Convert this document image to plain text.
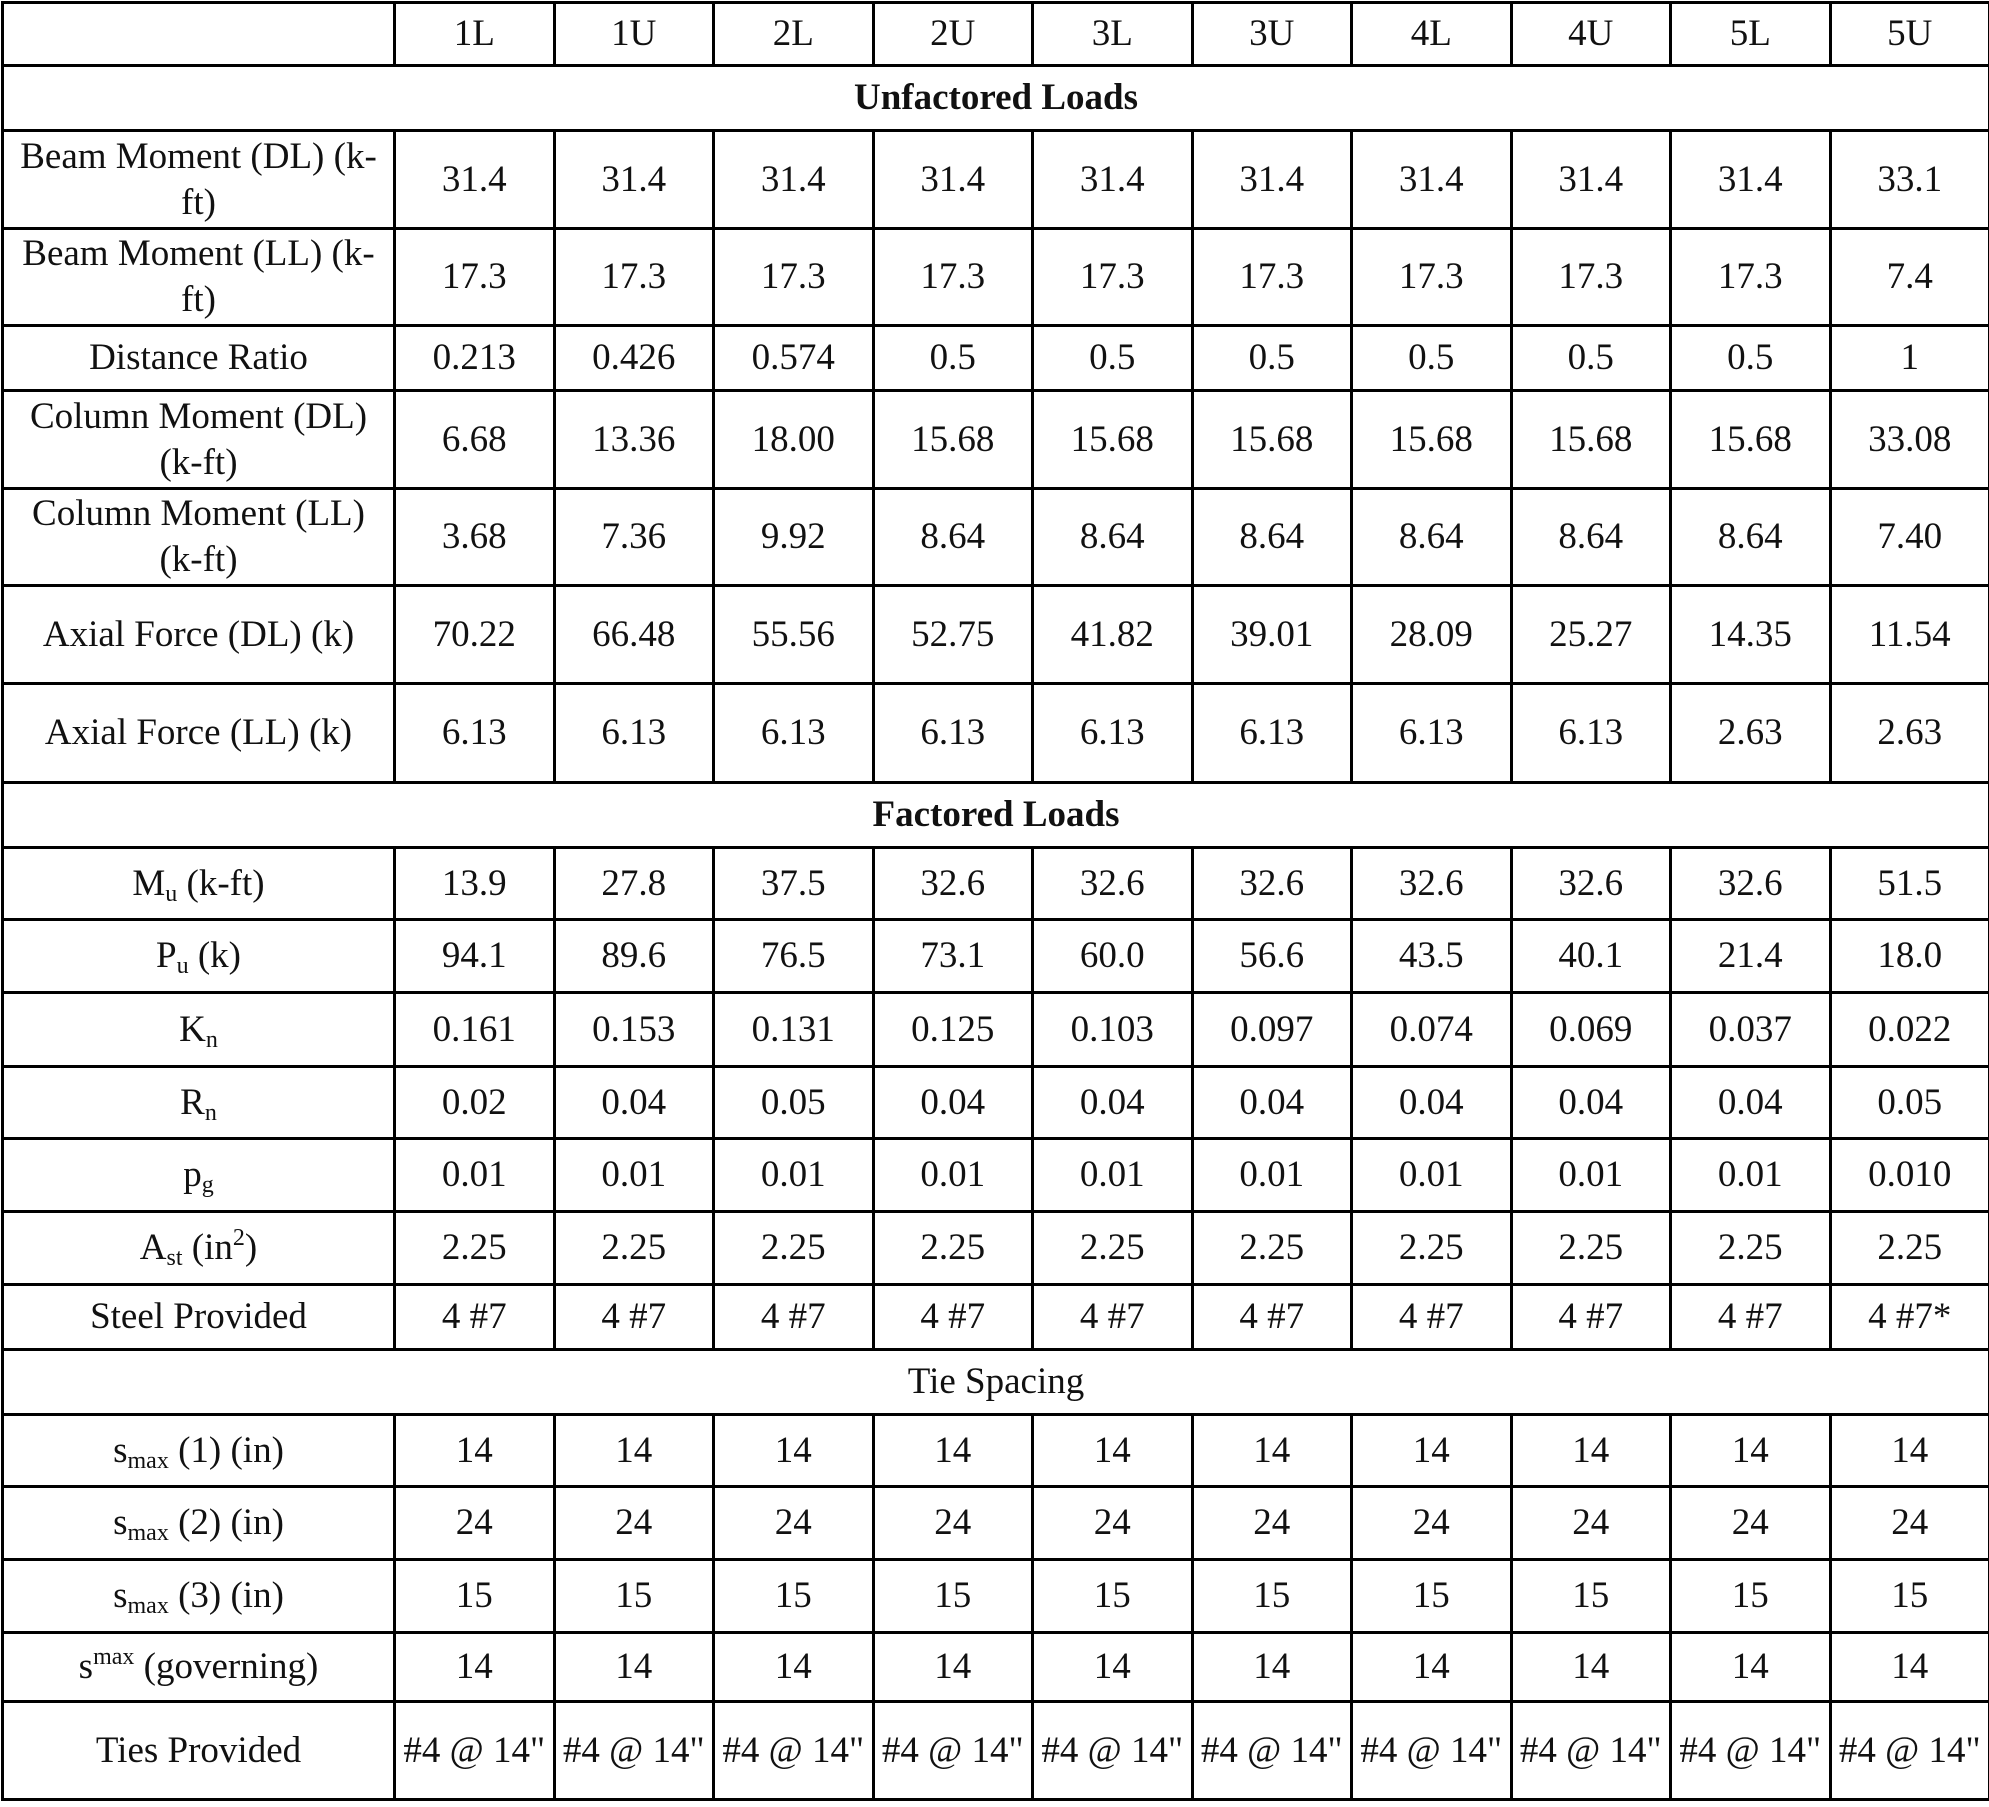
	1L	1U	2L	2U	3L	3U	4L	4U	5L	5U
Unfactored Loads										
Beam Moment (DL) (k-ft)	31.4	31.4	31.4	31.4	31.4	31.4	31.4	31.4	31.4	33.1
Beam Moment (LL) (k-ft)	17.3	17.3	17.3	17.3	17.3	17.3	17.3	17.3	17.3	7.4
Distance Ratio	0.213	0.426	0.574	0.5	0.5	0.5	0.5	0.5	0.5	1
Column Moment (DL) (k-ft)	6.68	13.36	18.00	15.68	15.68	15.68	15.68	15.68	15.68	33.08
Column Moment (LL) (k-ft)	3.68	7.36	9.92	8.64	8.64	8.64	8.64	8.64	8.64	7.40
Axial Force (DL) (k)	70.22	66.48	55.56	52.75	41.82	39.01	28.09	25.27	14.35	11.54
Axial Force (LL) (k)	6.13	6.13	6.13	6.13	6.13	6.13	6.13	6.13	2.63	2.63
Factored Loads										
$M_u$ (k-ft)	13.9	27.8	37.5	32.6	32.6	32.6	32.6	32.6	32.6	51.5
$P_u$ (k)	94.1	89.6	76.5	73.1	60.0	56.6	43.5	40.1	21.4	18.0
$K_n$	0.161	0.153	0.131	0.125	0.103	0.097	0.074	0.069	0.037	0.022
$R_n$	0.02	0.04	0.05	0.04	0.04	0.04	0.04	0.04	0.04	0.05
$p_g$	0.01	0.01	0.01	0.01	0.01	0.01	0.01	0.01	0.01	0.010
$A_{st}$ $(in^2)$	2.25	2.25	2.25	2.25	2.25	2.25	2.25	2.25	2.25	2.25
Steel Provided	4 #7	4 #7	4 #7	4 #7	4 #7	4 #7	4 #7	4 #7	4 #7	4 #7*
Tie Spacing										
$s_{max}$ (1) (in)	14	14	14	14	14	14	14	14	14	14
$s_{max}$ (2) (in)	24	24	24	24	24	24	24	24	24	24
$s_{max}$ (3) (in)	15	15	15	15	15	15	15	15	15	15
$s^{max}$ (governing)	14	14	14	14	14	14	14	14	14	14
Ties Provided	#4 @ 14"	#4 @ 14"	#4 @ 14"	#4 @ 14"	#4 @ 14"	#4 @ 14"	#4 @ 14"	#4 @ 14"	#4 @ 14"	#4 @ 14"
